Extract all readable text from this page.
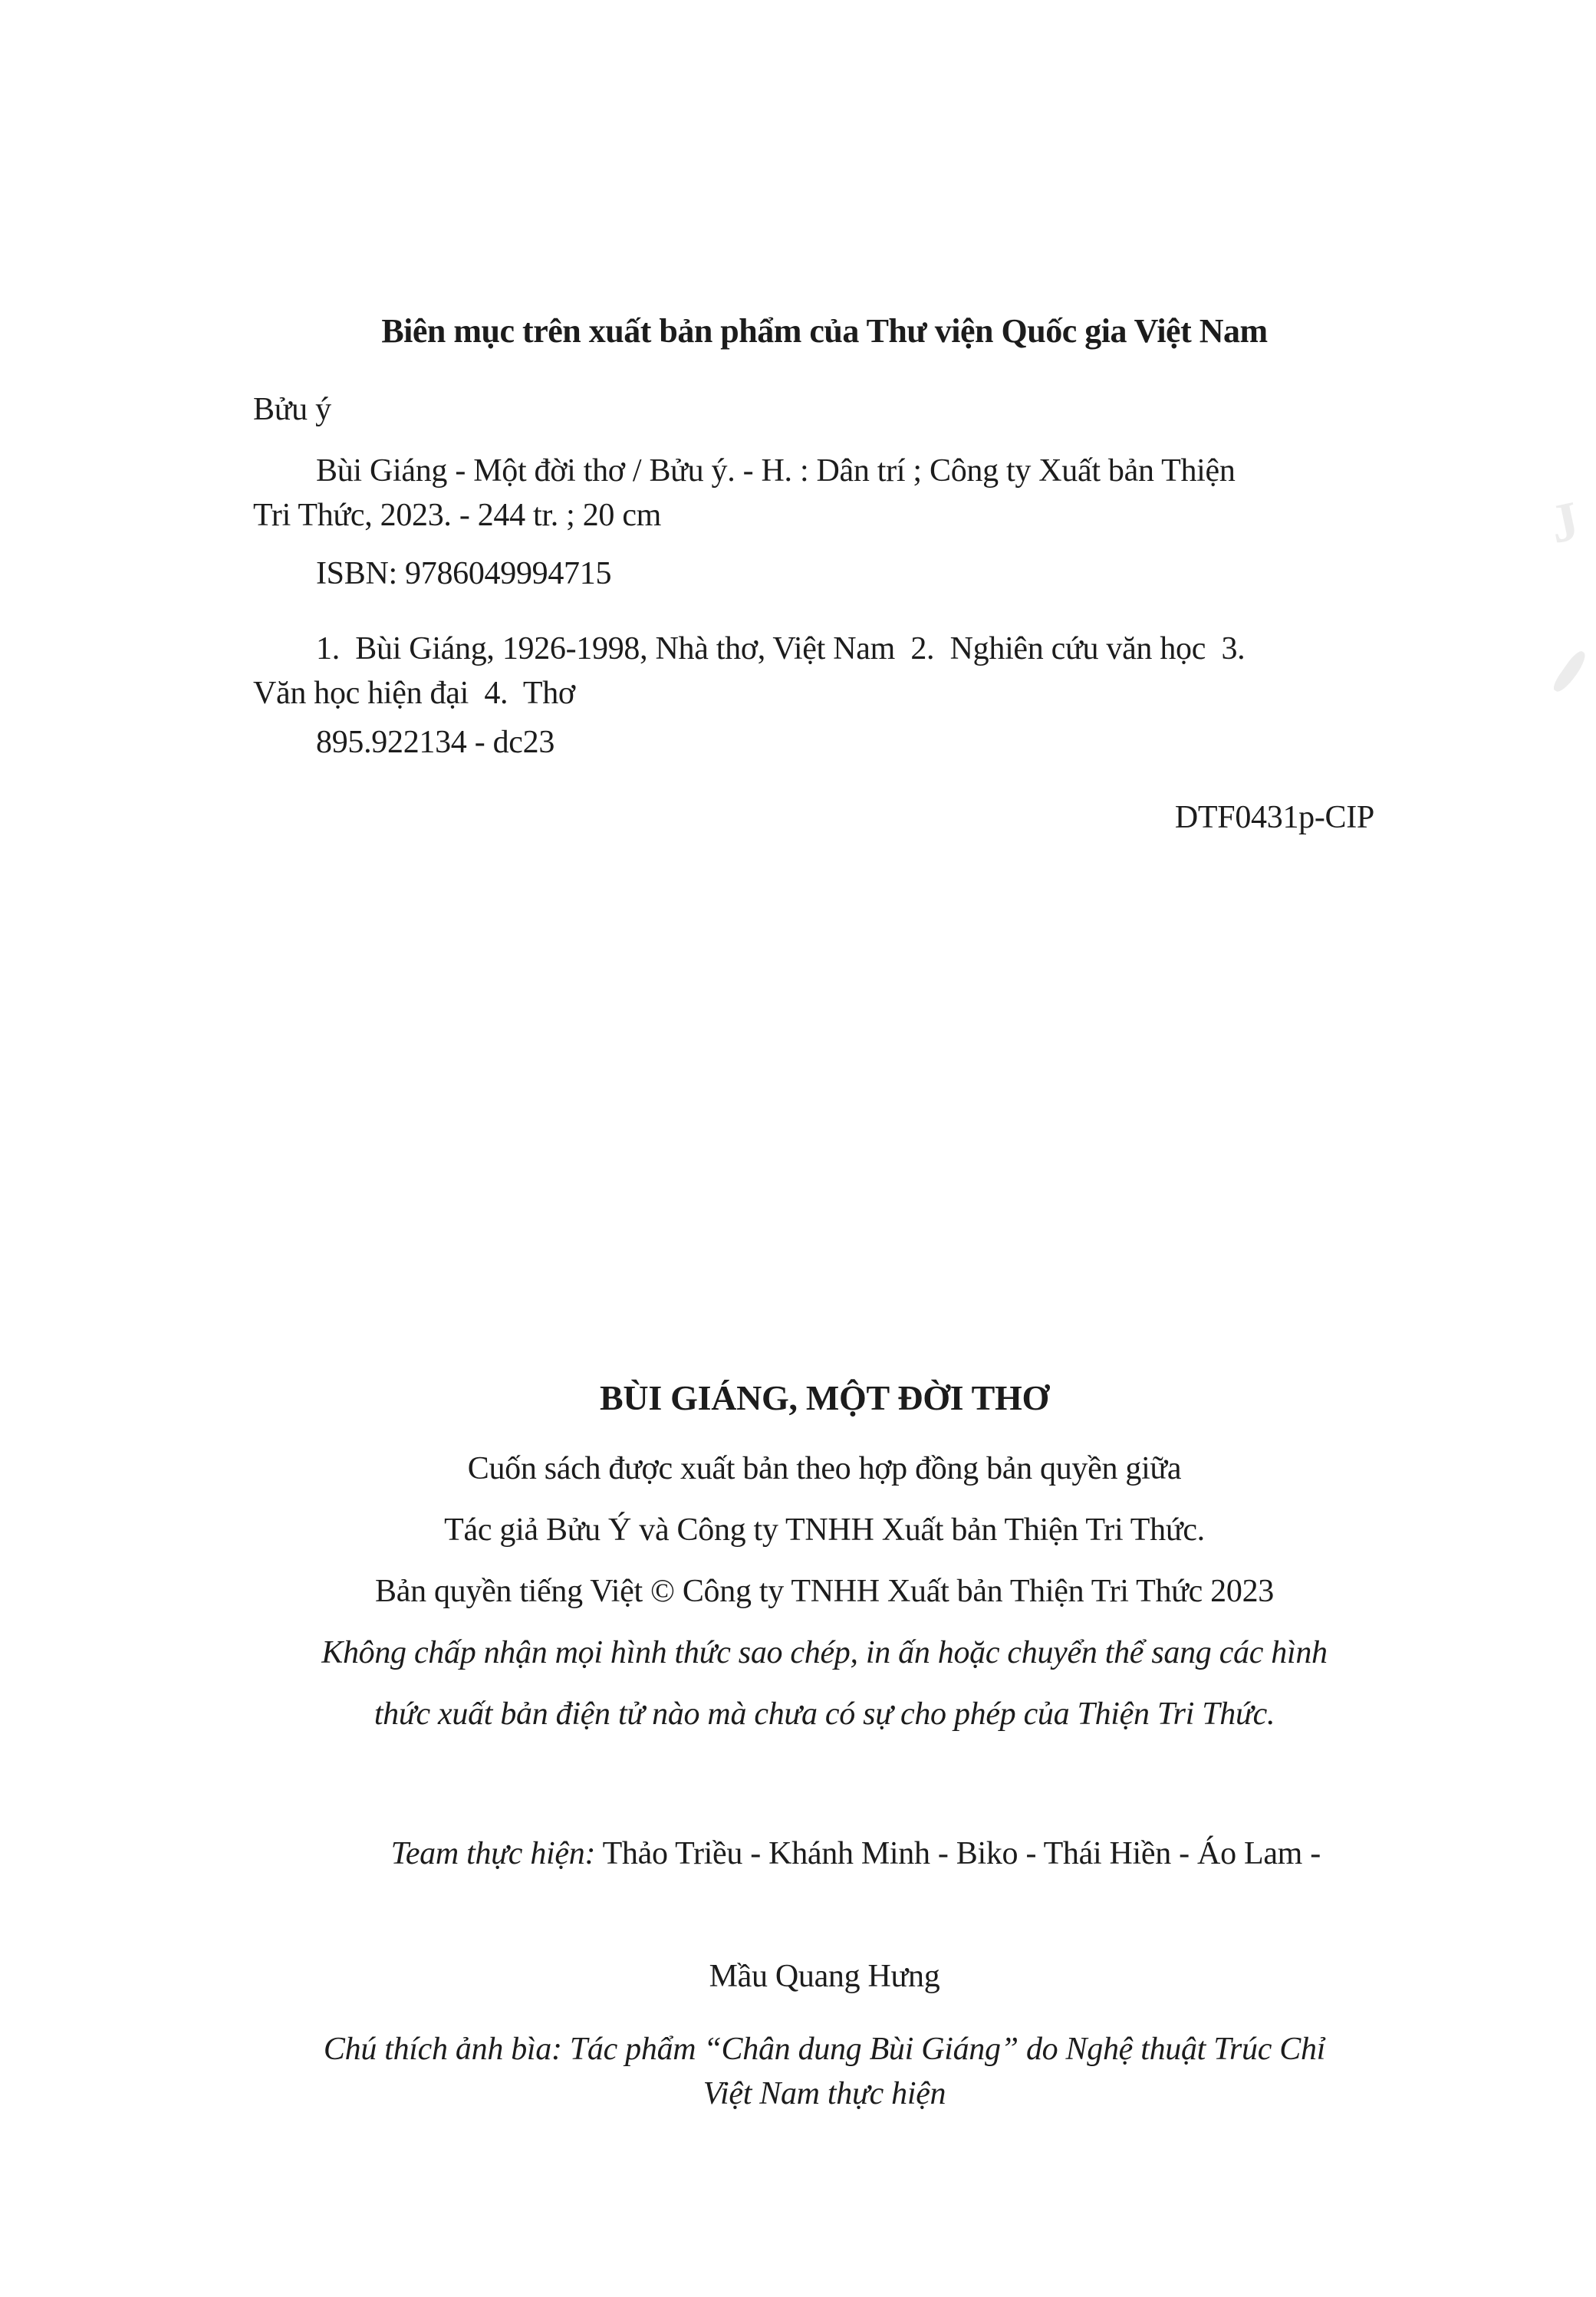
Biên mục trên xuất bản phẩm của Thư viện Quốc gia Việt Nam
Bửu ý
Bùi Giáng - Một đời thơ / Bửu ý. - H. : Dân trí ; Công ty Xuất bản Thiện
Tri Thức, 2023. - 244 tr. ; 20 cm
ISBN: 9786049994715
1.  Bùi Giáng, 1926-1998, Nhà thơ, Việt Nam  2.  Nghiên cứu văn học  3.
Văn học hiện đại  4.  Thơ
895.922134 - dc23
DTF0431p-CIP
BÙI GIÁNG, MỘT ĐỜI THƠ
Cuốn sách được xuất bản theo hợp đồng bản quyền giữa
Tác giả Bửu Ý và Công ty TNHH Xuất bản Thiện Tri Thức.
Bản quyền tiếng Việt © Công ty TNHH Xuất bản Thiện Tri Thức 2023
Không chấp nhận mọi hình thức sao chép, in ấn hoặc chuyển thể sang các hình
thức xuất bản điện tử nào mà chưa có sự cho phép của Thiện Tri Thức.

Team thực hiện: Thảo Triều - Khánh Minh - Biko - Thái Hiền - Áo Lam -

Mầu Quang Hưng
Chú thích ảnh bìa: Tác phẩm “Chân dung Bùi Giáng” do Nghệ thuật Trúc Chỉ
Việt Nam thực hiện
J
